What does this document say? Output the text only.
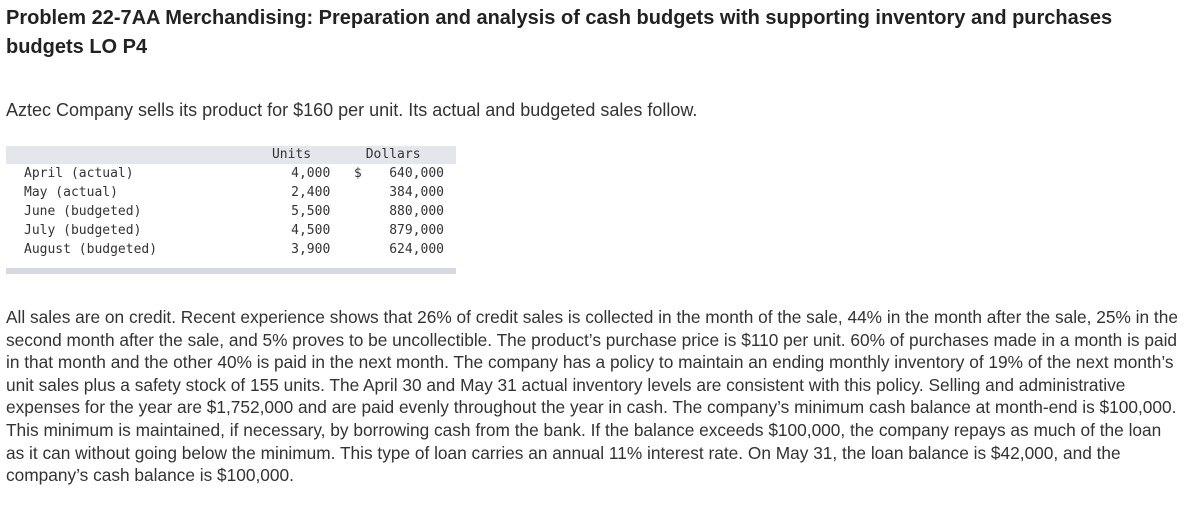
Problem 22-7AA Merchandising: Preparation and analysis of cash budgets with supporting inventory and purchases budgets LO P4

Aztec Company sells its product for $160 per unit. Its actual and budgeted sales follow.

	Units	Dollars	
April (actual)	4,000	$	640,000
May (actual)	2,400		384,000
June (budgeted)	5,500		880,000
July (budgeted)	4,500		879,000
August (budgeted)	3,900		624,000

All sales are on credit. Recent experience shows that 26% of credit sales is collected in the month of the sale, 44% in the month after the sale, 25% in the second month after the sale, and 5% proves to be uncollectible. The product’s purchase price is $110 per unit. 60% of purchases made in a month is paid in that month and the other 40% is paid in the next month. The company has a policy to maintain an ending monthly inventory of 19% of the next month’s unit sales plus a safety stock of 155 units. The April 30 and May 31 actual inventory levels are consistent with this policy. Selling and administrative expenses for the year are $1,752,000 and are paid evenly throughout the year in cash. The company’s minimum cash balance at month-end is $100,000. This minimum is maintained, if necessary, by borrowing cash from the bank. If the balance exceeds $100,000, the company repays as much of the loan as it can without going below the minimum. This type of loan carries an annual 11% interest rate. On May 31, the loan balance is $42,000, and the company’s cash balance is $100,000.
